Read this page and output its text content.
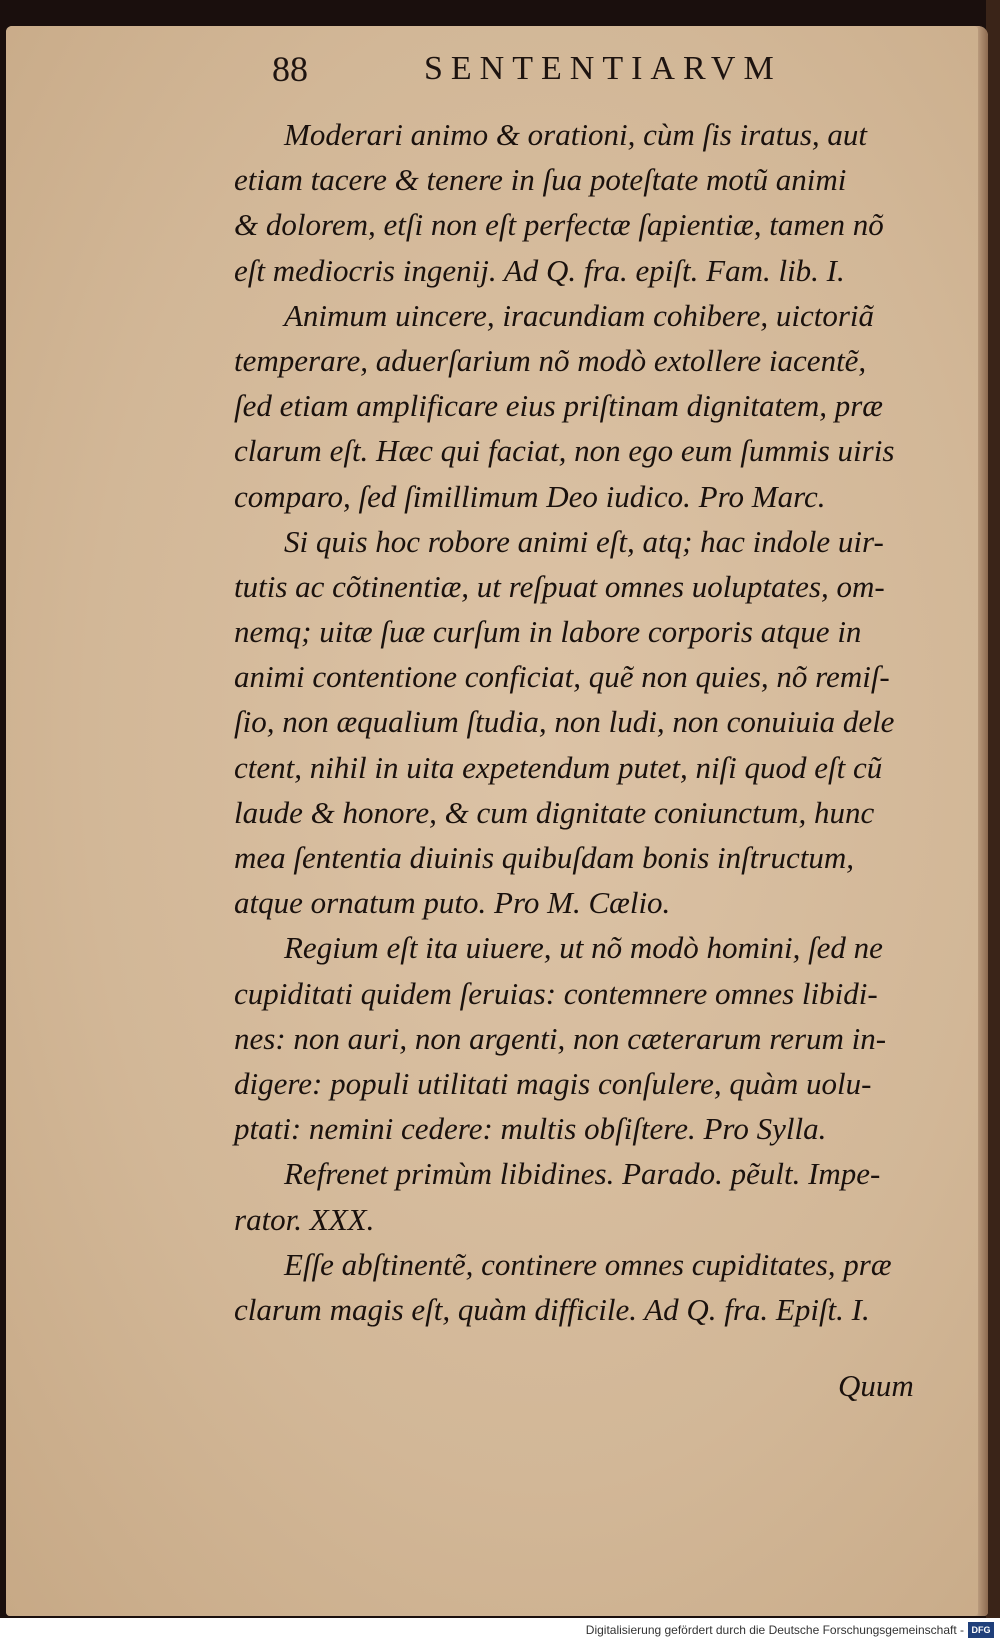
88	SENTENTIARVM
Moderari animo & orationi, cùm ſis iratus, aut
etiam tacere & tenere in ſua poteſtate motũ animi
& dolorem, etſi non eſt perfectæ ſapientiæ, tamen nõ
eſt mediocris ingenij. Ad Q. fra. epiſt. Fam. lib. I.
Animum uincere, iracundiam cohibere, uictoriã
temperare, aduerſarium nõ modò extollere iacentẽ,
ſed etiam amplificare eius priſtinam dignitatem, præ
clarum eſt. Hæc qui faciat, non ego eum ſummis uiris
comparo, ſed ſimillimum Deo iudico. Pro Marc.
Si quis hoc robore animi eſt, atq; hac indole uir-
tutis ac cõtinentiæ, ut reſpuat omnes uoluptates, om-
nemq; uitæ ſuæ curſum in labore corporis atque in
animi contentione conficiat, quẽ non quies, nõ remiſ-
ſio, non æqualium ſtudia, non ludi, non conuiuia dele
ctent, nihil in uita expetendum putet, niſi quod eſt cũ
laude & honore, & cum dignitate coniunctum, hunc
mea ſententia diuinis quibuſdam bonis inſtructum,
atque ornatum puto. Pro M. Cælio.
Regium eſt ita uiuere, ut nõ modò homini, ſed ne
cupiditati quidem ſeruias: contemnere omnes libidi-
nes: non auri, non argenti, non cæterarum rerum in-
digere: populi utilitati magis conſulere, quàm uolu-
ptati: nemini cedere: multis obſiſtere. Pro Sylla.
Refrenet primùm libidines. Parado. pẽult. Impe-
rator. XXX.
Eſſe abſtinentẽ, continere omnes cupiditates, præ
clarum magis eſt, quàm difficile. Ad Q. fra. Epiſt. I.
Quum
Digitalisierung gefördert durch die Deutsche Forschungsgemeinschaft - DFG
